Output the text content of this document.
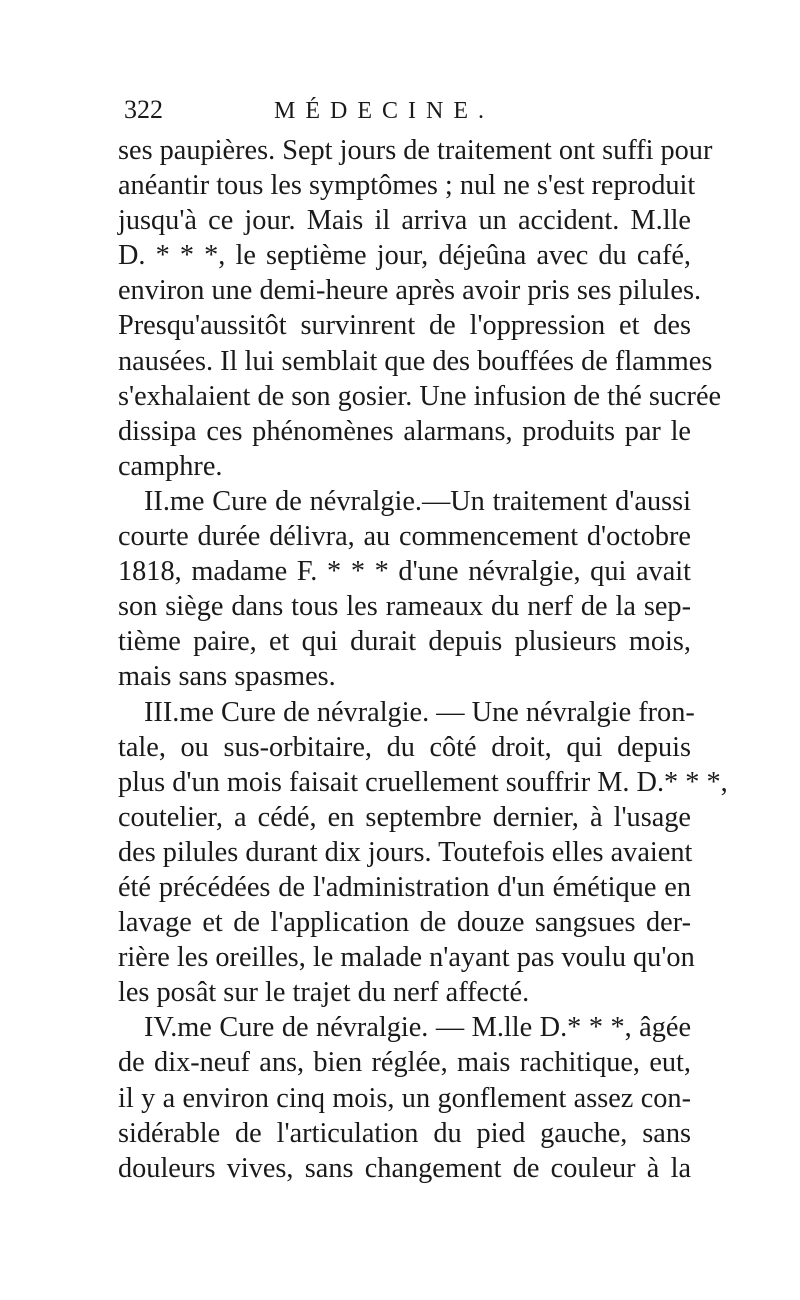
322	MÉDECINE.
ses paupières. Sept jours de traitement ont suffi pour
anéantir tous les symptômes ; nul ne s'est reproduit
jusqu'à ce jour. Mais il arriva un accident. M.lle
D. * * *, le septième jour, déjeûna avec du café,
environ une demi-heure après avoir pris ses pilules.
Presqu'aussitôt survinrent de l'oppression et des
nausées. Il lui semblait que des bouffées de flammes
s'exhalaient de son gosier. Une infusion de thé sucrée
dissipa ces phénomènes alarmans, produits par le
camphre.
II.me Cure de névralgie.—Un traitement d'aussi
courte durée délivra, au commencement d'octobre
1818, madame F. * * * d'une névralgie, qui avait
son siège dans tous les rameaux du nerf de la sep-
tième paire, et qui durait depuis plusieurs mois,
mais sans spasmes.
III.me Cure de névralgie. — Une névralgie fron-
tale, ou sus-orbitaire, du côté droit, qui depuis
plus d'un mois faisait cruellement souffrir M. D.* * *,
coutelier, a cédé, en septembre dernier, à l'usage
des pilules durant dix jours. Toutefois elles avaient
été précédées de l'administration d'un émétique en
lavage et de l'application de douze sangsues der-
rière les oreilles, le malade n'ayant pas voulu qu'on
les posât sur le trajet du nerf affecté.
IV.me Cure de névralgie. — M.lle D.* * *, âgée
de dix-neuf ans, bien réglée, mais rachitique, eut,
il y a environ cinq mois, un gonflement assez con-
sidérable de l'articulation du pied gauche, sans
douleurs vives, sans changement de couleur à la
